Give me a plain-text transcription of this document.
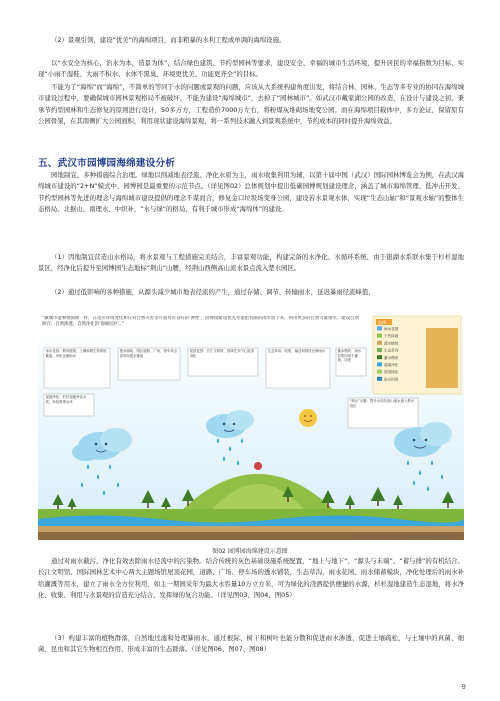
（2）景观引领，建设“优美”的海绵项目，而非粗暴的水利工程或单调的海绵设施。
以“水安全为核心，治水为本，造景为体”，结合绿色建筑、节约型园林等要求，建设安全、幸福的城市生活环境，提升居民的幸福指数为目标，实现“小雨不湿鞋、大雨不积水、水体不黑臭、环境更优美、功能更齐全”的目标。
不能为了“海绵”而“海绵”，不简单的等同于水的问题或景观的问题，应该从大系统构建角度出发，将结合林、园林、生态等多专业的协同在海绵城市建设过程中，要确保城市园林景观格局不被破坏，不能为建设“海绵城市”，去掉了“园林城市”。如武汉市戴家湖公园的改造，在设计与建设之初，秉承节约型园林和生态修复的原则进行设计，50多万方，工程造价7000万左右，将粉煤灰堆砌场地变公园。而在海绵项目载体中，多方论证，保留原有公园骨架，在其南侧扩大公园面积，利用现状建设海绵景观，将一系列技术融入到景观系统中，节约成本的同时提升海绵效益。
五、武汉市园博园海绵建设分析
园地制宜，多种措施综合治理。绿地以削减地表径流、净化水质为主，雨水收集利用为辅，以第十届中国（武汉）国际园林博览会为例，在武汉海绵城市建设的“2+N”模式中，园博园是最重要的示范节点。（详见图02）总体规划中提出低碳园博规划建设理念，涵盖了城市海绵管理、低冲击开发、节约型园林等先进的理念与海绵城市建设提倡的理念不谋而合，修复金口垃圾场变身公园，建设若水景观水体，实现“生态山轴”和“景观水轴”的整体生态格局。北据山、南理水、中织补，“水与绿”的格局，有利于城市形成“海绵体”的建设。
（1）因地制宜营造山水格局，将水景观与工程措施完美结合，丰富景观功能，构建完备的水净化、水循环系统，由于银湖水系联水集于杉杉湿地景区，经净化后提升至园博园生态地标“荆山”山腰，经荆山西侧高山流水景点流入楚水园区。
（2）通过低影响的各种措施，从源头减少城市地表径流的产生，通过存储、调节、转输雨水，延迟暴雨径流峰值，
“做城市能够像海绵一样，在适应环境变化和应对自然灾害等方面具有良好的‘弹性’，园博园建设优先考虑把有限的雨水留下来，利用更多的自然力量排水，建设自然积存、自然渗透、自然净化的‘海绵园区’。”	图例
雨水花园
下凹绿地
透水铺装
生态草沟
蓄水模块
湿地净化
屋顶绿化
雨水回用
雨水花园：利用植物、土壤和微生物系统蓄渗、净化径流雨水
透水铺装：园区道路、广场、停车场全部采用透水铺装
屋顶花园：长江文明馆、园林艺术中心屋顶绿化
生态草沟：收集、输送和排放径流雨水	蓄水模块：雨水收集回用于灌溉、冲洗
湿地净化：杉杉湿地净化水质，补给景观水体	“荆山”山腰：提升水体经高山流水流入楚水园区
设计说明：李常芬 李鸿斌 《武汉园博园海绵城市建设设计方案》
图02 园博园海绵建设示意图
通过对雨水截污、净化有效去除雨水径流中的污染物。结合传统的灰色基础设施系统配置，“地上与地下”、“源头与末端”、“蓄与排”的有机结合。长江文明馆、国际园林艺术中心两大主题场馆屋顶花园，道路、广场、停车场的透水铺装，生态草沟、雨水花园、雨水储蓄模块，净化处理后的雨水补给灌溉等用水，建立了雨水全方位利用，如主一期园采年为最大水容量10万立方米，可为绿化的浇洒提供便捷的水源，杉杉湿地建造生态湿地，将水净化、收集、利用与水景观的营造充分结合，发挥绿的复合功能。（详见图03、图04、图05）
（3）构建丰富的植物群落，自然地过滤和处理暴雨水，通过根际、树干和树叶也能分散和促进雨水渗透，促进土壤疏松，与土壤中的真菌、细菌、昆虫和其它生物相互作用，形成丰富的生态群落。（详见图06、图07、图08）
9
